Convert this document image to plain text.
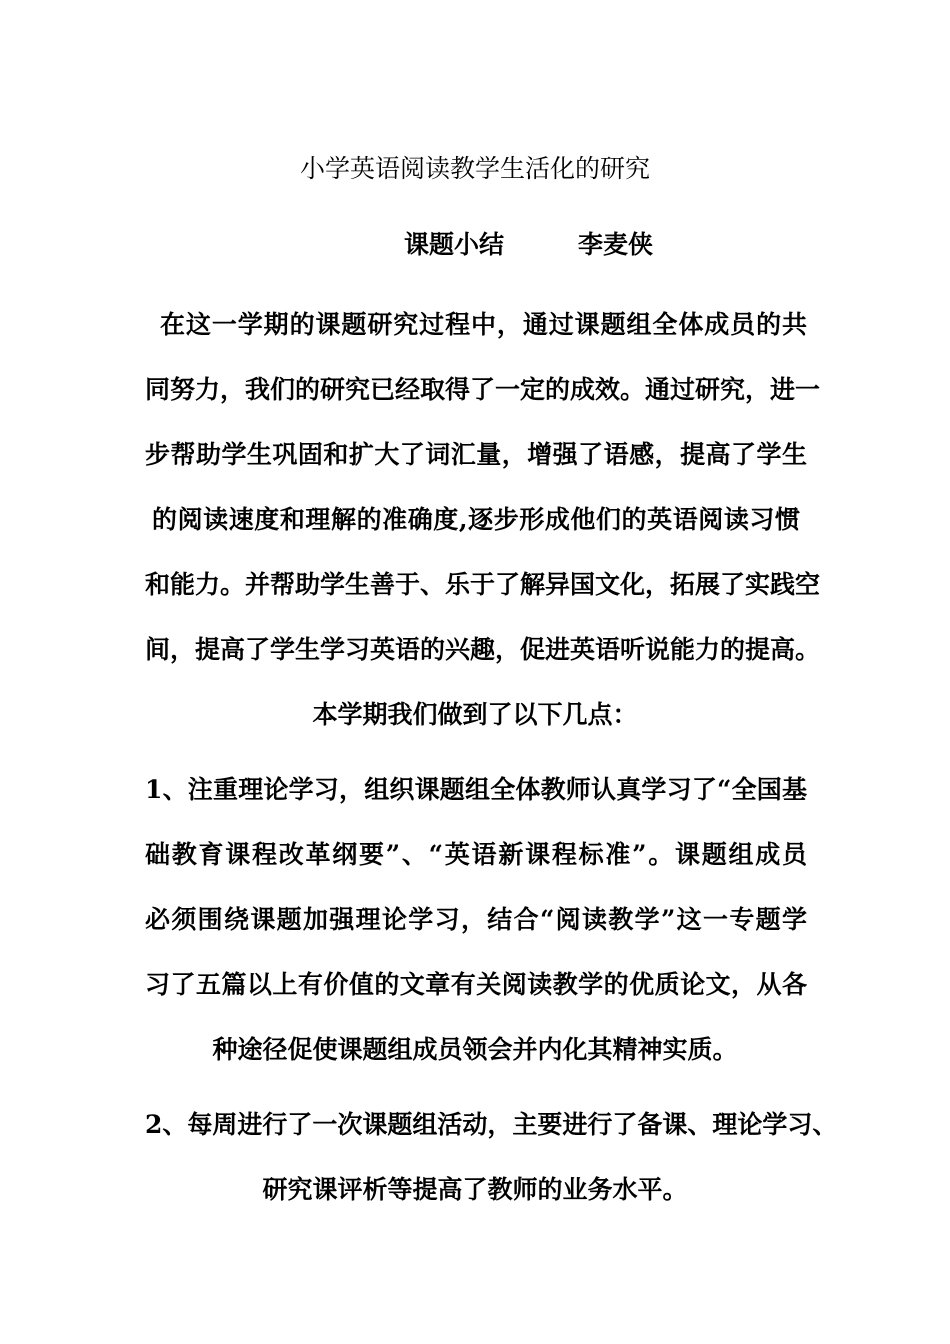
小学英语阅读教学生活化的研究
课题小结	李麦侠
在这一学期的课题研究过程中，通过课题组全体成员的共
同努力，我们的研究已经取得了一定的成效。通过研究，进一
步帮助学生巩固和扩大了词汇量，增强了语感，提高了学生
的阅读速度和理解的准确度,逐步形成他们的英语阅读习惯
和能力。并帮助学生善于、乐于了解异国文化，拓展了实践空
间，提高了学生学习英语的兴趣，促进英语听说能力的提高。
本学期我们做到了以下几点：
1、注重理论学习，组织课题组全体教师认真学习了“全国基
础教育课程改革纲要”、“英语新课程标准”。课题组成员
必须围绕课题加强理论学习，结合“阅读教学”这一专题学
习了五篇以上有价值的文章有关阅读教学的优质论文，从各
种途径促使课题组成员领会并内化其精神实质。
2、每周进行了一次课题组活动，主要进行了备课、理论学习、
研究课评析等提高了教师的业务水平。
